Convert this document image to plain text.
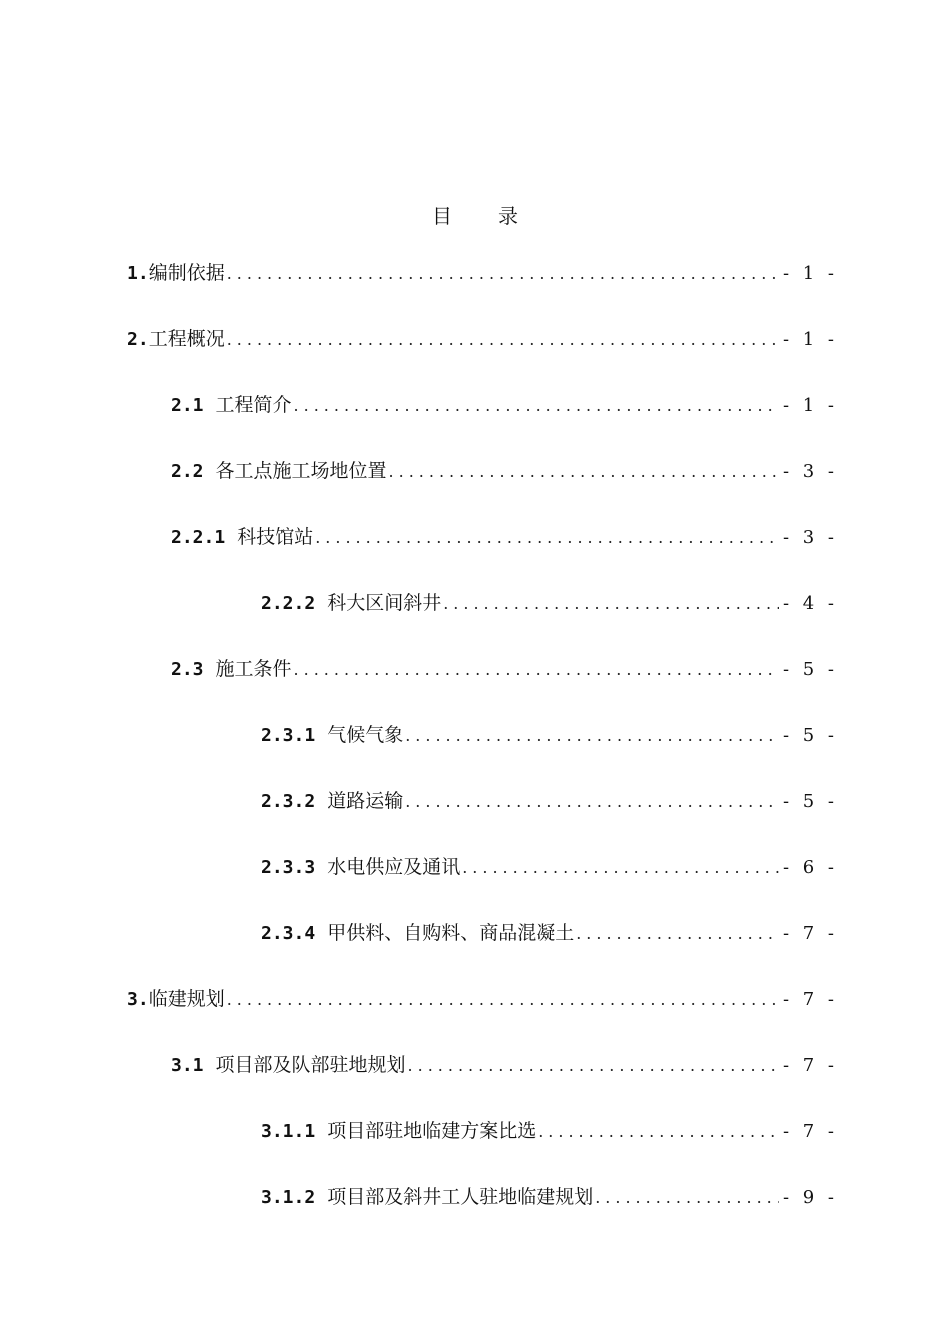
目 录
1. 编制依据 .....	- 1 -
2. 工程概况 .....	- 1 -
2.1 工程简介 .....	- 1 -
2.2 各工点施工场地位置 .....	- 3 -
2.2.1 科技馆站 .....	- 3 -
2.2.2 科大区间斜井 .....	- 4 -
2.3 施工条件 .....	- 5 -
2.3.1 气候气象 .....	- 5 -
2.3.2 道路运输 .....	- 5 -
2.3.3 水电供应及通讯 .....	- 6 -
2.3.4 甲供料、自购料、商品混凝土 .....	- 7 -
3. 临建规划 .....	- 7 -
3.1 项目部及队部驻地规划 .....	- 7 -
3.1.1 项目部驻地临建方案比选 .....	- 7 -
3.1.2 项目部及斜井工人驻地临建规划 .....	- 9 -
